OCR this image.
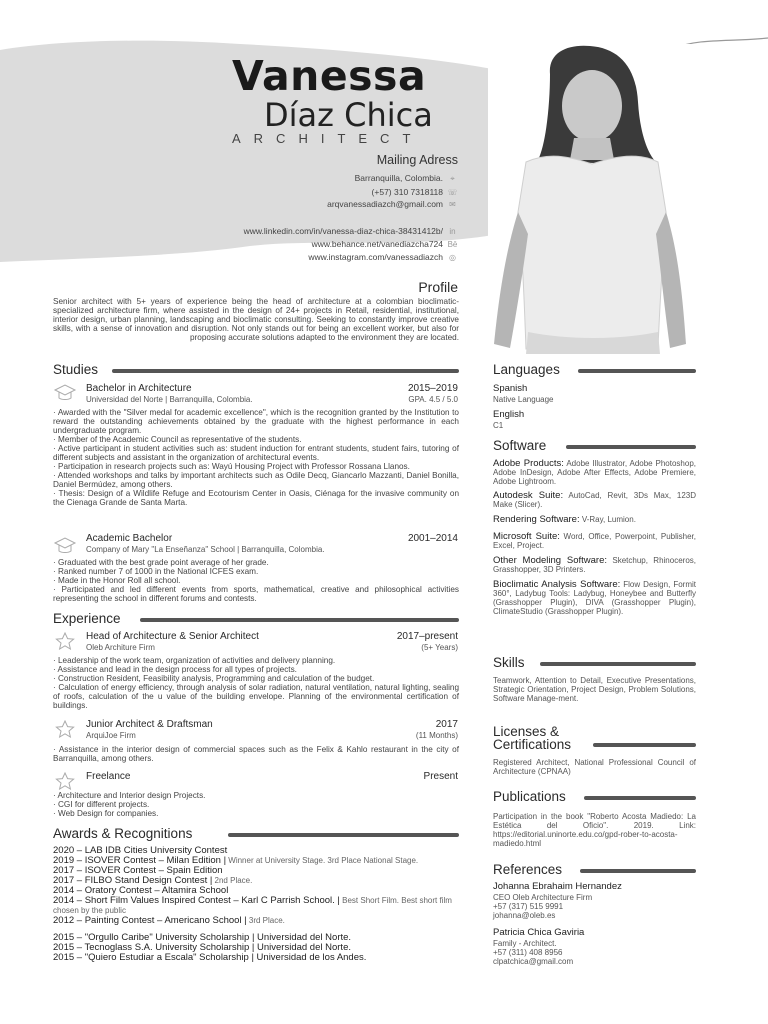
Vanessa
Díaz Chica
ARCHITECT
Mailing Adress
Barranquilla, Colombia. ⌖
(+57) 310 7318118 ☏
arqvanessadiazch@gmail.com ✉
www.linkedin.com/in/vanessa-diaz-chica-38431412b/ in
www.behance.net/vanediazcha724 Bē
www.instagram.com/vanessadiazch ◎
Profile
Senior architect with 5+ years of experience being the head of architecture at a colombian bioclimatic-specialized architecture firm, where assisted in the design of 24+ projects in Retail, residential, institutional, interior design, urban planning, landscaping and bioclimatic consulting. Seeking to constantly improve creative skills, with a sense of innovation and disruption. Not only stands out for being an excellent worker, but also for proposing accurate solutions adapted to the environment they are located.
Studies
Bachelor in Architecture
Universidad del Norte | Barranquilla, Colombia.
2015–2019
GPA. 4.5 / 5.0
· Awarded with the "Silver medal for academic excellence", which is the recognition granted by the Institution to reward the outstanding achievements obtained by the graduate with the highest performance in each undergraduate program.
· Member of the Academic Council as representative of the students.
· Active participant in student activities such as: student induction for entrant students, student fairs, tutoring of different subjects and assistant in the organization of architectural events.
· Participation in research projects such as: Wayú Housing Project with Professor Rossana Llanos.
· Attended workshops and talks by important architects such as Odile Decq, Giancarlo Mazzanti, Daniel Bonilla, Daniel Bermúdez, among others.
· Thesis: Design of a Wildlife Refuge and Ecotourism Center in Oasis, Ciénaga for the invasive community on the Cienaga Grande de Santa Marta.
Academic Bachelor
Company of Mary "La Enseñanza" School | Barranquilla, Colombia.
2001–2014
· Graduated with the best grade point average of her grade.
· Ranked number 7 of 1000 in the National ICFES exam.
· Made in the Honor Roll all school.
· Participated and led different events from sports, mathematical, creative and philosophical activities representing the school in different forums and contests.
Experience
Head of Architecture & Senior Architect
Oleb Architure Firm
2017–present
(5+ Years)
· Leadership of the work team, organization of activities and delivery planning.
· Assistance and lead in the design process for all types of projects.
· Construction Resident, Feasibility analysis, Programming and calculation of the budget.
· Calculation of energy efficiency, through analysis of solar radiation, natural ventilation, natural lighting, sealing of roofs, calculation of the u value of the building envelope. Planning of the environmental certification of buildings.
Junior Architect & Draftsman
ArquiJoe Firm
2017
(11 Months)
· Assistance in the interior design of commercial spaces such as the Felix & Kahlo restaurant in the city of Barranquilla, among others.
Freelance	Present
· Architecture and Interior design Projects.
· CGI for different projects.
· Web Design for companies.
Awards & Recognitions
2020 – LAB IDB Cities University Contest
2019 – ISOVER Contest – Milan Edition | Winner at University Stage. 3rd Place National Stage.
2017 – ISOVER Contest – Spain Edition
2017 – FILBO Stand Design Contest | 2nd Place.
2014 – Oratory Contest – Altamira School
2014 – Short Film Values Inspired Contest – Karl C Parrish School. | Best Short Film. Best short film chosen by the public
2012 – Painting Contest – Americano School | 3rd Place.
2015 – "Orgullo Caribe" University Scholarship | Universidad del Norte.
2015 – Tecnoglass S.A. University Scholarship | Universidad del Norte.
2015 – "Quiero Estudiar a Escala" Scholarship | Universidad de los Andes.
Languages
Spanish
Native Language
English
C1
Software
Adobe Products: Adobe Illustrator, Adobe Photoshop, Adobe InDesign, Adobe After Effects, Adobe Premiere, Adobe Lightroom.
Autodesk Suite: AutoCad, Revit, 3Ds Max, 123D Make (Slicer).
Rendering Software: V-Ray, Lumion.
Microsoft Suite: Word, Office, Powerpoint, Publisher, Excel, Project.
Other Modeling Software: Sketchup, Rhinoceros, Grasshopper, 3D Printers.
Bioclimatic Analysis Software: Flow Design, Formit 360°, Ladybug Tools: Ladybug, Honeybee and Butterfly (Grasshopper Plugin), DIVA (Grasshopper Plugin), ClimateStudio (Grasshopper Plugin).
Skills
Teamwork, Attention to Detail, Executive Presentations, Strategic Orientation, Project Design, Problem Solutions, Software Manage-ment.
Licenses &
Certifications
Registered Architect, National Professional Council of Architecture (CPNAA)
Publications
Participation in the book "Roberto Acosta Madiedo: La Estética del Oficio". 2019. Link: https://editorial.uninorte.edu.co/gpd-rober-to-acosta-madiedo.html
References
Johanna Ebrahaim Hernandez
CEO Oleb Architecture Firm
+57 (317) 515 9991
johanna@oleb.es
Patricia Chica Gaviria
Family - Architect.
+57 (311) 408 8956
clpatchica@gmail.com
